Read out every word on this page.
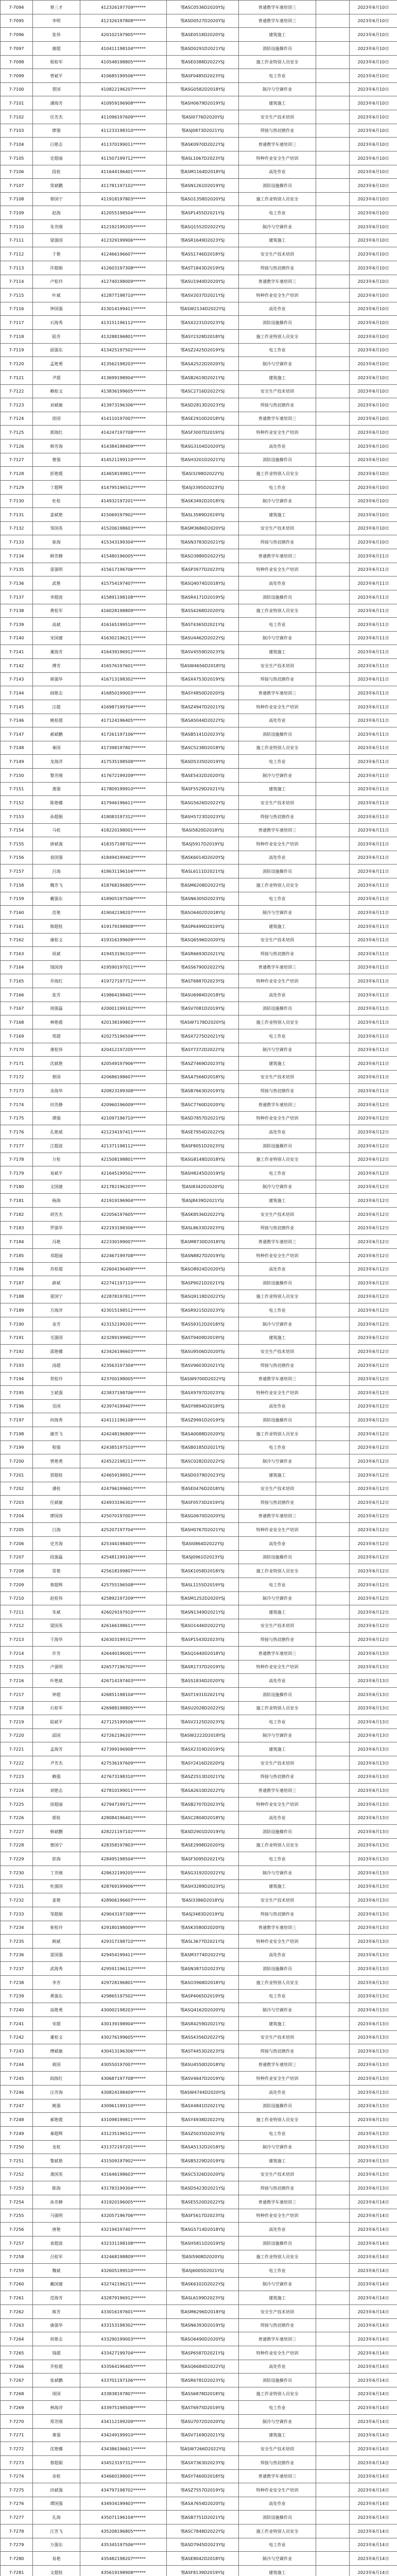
7-7094	蔡三才	412326197709******	鄂ASC0536D2020YSJ	普通教学车速培训三		2023年6月10日
7-7095	李明	412326197808******	鄂ASD0527D2020YSJ	普通教学车速培训三		2023年6月10日
7-7096	张伟	420102197905******	鄂ASE0518D2020YSJ	建筑施工		2023年6月10日
7-7097	谢超	410411198104******	鄂ASD0291D2021YSJ	消防设施操作员		2023年6月10日
7-7098	程桂军	410548198805******	鄂ASE0388D2022YSJ	施工作业特别人员安全		2023年6月10日
7-7099	曾斌平	410685199506******	鄂ASF0485D2023YSJ	电工作业		2023年6月10日
7-7100	贾国	410822196207******	鄂ASG0582D2018YSJ	制冷与空调作业		2023年6月10日
7-7101	潘海芳	410959196908******	鄂ASH0679D2019YSJ	建筑施工		2023年6月10日
7-7102	任芳杰	411096197609******	鄂ASI0776D2020YSJ	安全生产技术培训		2023年6月10日
7-7103	廖强	411233198310******	鄂ASJ0873D2021YSJ	焊接与热切割作业		2023年6月10日
7-7104	白艳志	411370199011******	鄂ASK0970D2022YSJ	普通教学车速培训三		2023年6月10日
7-7105	史超丽	411507199712******	鄂ASL1067D2023YSJ	特种作业安全生产培训		2023年6月10日
7-7106	段桂	411644196401******	鄂ASM1164D2018YSJ	高处作业		2023年6月10日
7-7107	常斌鹏	411781197102******	鄂ASN1261D2019YSJ	消防设施操作员		2023年6月10日
7-7108	蔡国宁	411918197803******	鄂ASO1358D2020YSJ	施工作业特别人员安全		2023年6月10日
7-7109	赵海	412055198504******	鄂ASP1455D2021YSJ	电工作业		2023年6月10日
7-7110	朱芳刚	412192199205******	鄂ASQ1552D2022YSJ	制冷与空调作业		2023年6月10日
7-7111	梁强国	412329199906******	鄂ASR1649D2023YSJ	建筑施工		2023年6月10日
7-7112	于艳	412466196607******	鄂ASS1746D2018YSJ	安全生产技术培训		2023年6月10日
7-7113	许超娟	412603197308******	鄂AST1843D2019YSJ	焊接与热切割作业		2023年6月10日
7-7114	卢桂玲	412740198009******	鄂ASU1940D2020YSJ	普通教学车速培训三		2023年6月10日
7-7115	叶斌	412877198710******	鄂ASV2037D2021YSJ	特种作业安全生产培训		2023年6月10日
7-7116	钟国强	413014199411******	鄂ASW2134D2022YSJ	高处作业		2023年6月10日
7-7117	石海秀	413151196112******	鄂ASX2231D2023YSJ	消防设施操作员		2023年6月10日
7-7118	陆芳	413288196801******	鄂ASY2328D2018YSJ	施工作业特别人员安全		2023年6月10日
7-7119	邱强东	413425197502******	鄂ASZ2425D2019YSJ	电工作业		2023年6月10日
7-7120	孟艳勇	413562198203******	鄂ASA2522D2020YSJ	制冷与空调作业		2023年6月10日
7-7121	尹超	413699198904******	鄂ASB2619D2021YSJ	建筑施工		2023年6月10日
7-7122	赖桂文	413836199605******	鄂ASC2716D2022YSJ	安全生产技术培训		2023年6月10日
7-7123	刘斌敏	413973196306******	鄂ASD2813D2023YSJ	焊接与热切割作业		2023年6月10日
7-7124	徐国	414110197007******	鄂ASE2910D2018YSJ	普通教学车速培训三		2023年6月10日
7-7125	郭海红	414247197708******	鄂ASF3007D2019YSJ	特种作业安全生产培训		2023年6月10日
7-7126	韩芳海	414384198409******	鄂ASG3104D2020YSJ	高处作业		2023年6月10日
7-7127	曹强	414521199110******	鄂ASH3201D2021YSJ	消防设施操作员		2023年6月10日
7-7128	彭艳霞	414658199811******	鄂ASI3298D2022YSJ	施工作业特别人员安全		2023年6月10日
7-7129	丁超辉	414795196512******	鄂ASJ3395D2023YSJ	电工作业		2023年6月10日
7-7130	杜桂	414932197201******	鄂ASK3492D2018YSJ	制冷与空调作业		2023年6月10日
7-7131	姜斌艳	415069197902******	鄂ASL3589D2019YSJ	建筑施工		2023年6月10日
7-7132	邹国英	415206198603******	鄂ASM3686D2020YSJ	安全生产技术培训		2023年6月10日
7-7133	崔海	415343199304******	鄂ASN3783D2021YSJ	焊接与热切割作业		2023年6月10日
7-7134	顾芳静	415480196005******	鄂ASO3880D2022YSJ	普通教学车速培训三		2023年6月11日
7-7135	雷强明	415617196706******	鄂ASP3977D2023YSJ	特种作业安全生产培训		2023年6月11日
7-7136	武艳	415754197407******	鄂ASQ4074D2018YSJ	高处作业		2023年6月11日
7-7137	李超波	415891198108******	鄂ASR4171D2019YSJ	消防设施操作员		2023年6月11日
7-7138	黄桂军	416028198809******	鄂ASS4268D2020YSJ	施工作业特别人员安全		2023年6月11日
7-7139	高斌	416165199510******	鄂AST4365D2021YSJ	电工作业		2023年6月11日
7-7140	宋国建	416302196211******	鄂ASU4462D2022YSJ	制冷与空调作业		2023年6月11日
7-7141	董海芳	416439196912******	鄂ASV4559D2023YSJ	建筑施工		2023年6月11日
7-7142	傅芳	416576197601******	鄂ASW4656D2018YSJ	安全生产技术培训		2023年6月11日
7-7143	蒋强华	416713198302******	鄂ASX4753D2019YSJ	焊接与热切割作业		2023年6月11日
7-7144	阎艳志	416850199003******	鄂ASY4850D2020YSJ	普通教学车速培训三		2023年6月11日
7-7145	汪超	416987199704******	鄂ASZ4947D2021YSJ	特种作业安全生产培训		2023年6月11日
7-7146	姚桂超	417124196405******	鄂ASA5044D2022YSJ	高处作业		2023年6月11日
7-7147	郝斌鹏	417261197106******	鄂ASB5141D2023YSJ	消防设施操作员		2023年6月11日
7-7148	秦国	417398197807******	鄂ASC5238D2018YSJ	施工作业特别人员安全		2023年6月11日
7-7149	龙海洋	417535198508******	鄂ASD5335D2019YSJ	电工作业		2023年6月11日
7-7150	黎芳刚	417672199209******	鄂ASE5432D2020YSJ	制冷与空调作业		2023年6月11日
7-7151	龚强	417809199910******	鄂ASF5529D2021YSJ	建筑施工		2023年6月11日
7-7152	陈艳娜	417946196611******	鄂ASG5626D2022YSJ	安全生产技术培训		2023年6月11日
7-7153	孙超娟	418083197312******	鄂ASH5723D2023YSJ	焊接与热切割作业		2023年6月11日
7-7154	马桂	418220198001******	鄂ASI5820D2018YSJ	普通教学车速培训三		2023年6月11日
7-7155	唐斌强	418357198702******	鄂ASJ5917D2019YSJ	特种作业安全生产培训		2023年6月11日
7-7156	袁国强	418494199403******	鄂ASK6014D2020YSJ	高处作业		2023年6月11日
7-7157	吕海	418631196104******	鄂ASL6111D2021YSJ	消防设施操作员		2023年6月11日
7-7158	魏芳飞	418768196805******	鄂ASM6208D2022YSJ	施工作业特别人员安全		2023年6月11日
7-7159	戴强东	418905197506******	鄂ASN6305D2023YSJ	电工作业		2023年6月11日
7-7160	范艳	419042198207******	鄂ASO6402D2018YSJ	制冷与空调作业		2023年6月11日
7-7161	熊超桂	419179198908******	鄂ASP6499D2019YSJ	建筑施工		2023年6月11日
7-7162	康桂文	419316199609******	鄂ASQ6596D2020YSJ	安全生产技术培训		2023年6月11日
7-7163	侯斌	419453196310******	鄂ASR6693D2021YSJ	焊接与热切割作业		2023年6月11日
7-7164	钱国涛	419590197011******	鄂ASS6790D2022YSJ	普通教学车速培训三		2023年6月11日
7-7165	乔海红	419727197712******	鄂AST6887D2023YSJ	特种作业安全生产培训		2023年6月11日
7-7166	张芳	419864198401******	鄂ASU6984D2018YSJ	高处作业		2023年6月11日
7-7167	周强磊	420001199102******	鄂ASV7081D2019YSJ	消防设施操作员		2023年6月11日
7-7168	林艳霞	420138199803******	鄂ASW7178D2020YSJ	施工作业特别人员安全		2023年6月11日
7-7169	郑超	420275196504******	鄂ASX7275D2021YSJ	电工作业		2023年6月11日
7-7170	萧桂伟	420412197205******	鄂ASY7372D2022YSJ	制冷与空调作业		2023年6月11日
7-7171	沈斌艳	420549197906******	鄂ASZ7469D2023YSJ	建筑施工		2023年6月11日
7-7172	蔡国	420686198607******	鄂ASA7566D2018YSJ	安全生产技术培训		2023年6月11日
7-7173	余海华	420823199308******	鄂ASB7663D2019YSJ	焊接与热切割作业		2023年6月11日
7-7174	田芳静	420960196009******	鄂ASC7760D2020YSJ	普通教学车速培训三		2023年6月12日
7-7175	谭强	421097196710******	鄂ASD7857D2021YSJ	特种作业安全生产培训		2023年6月12日
7-7176	孔艳斌	421234197411******	鄂ASE7954D2022YSJ	高处作业		2023年6月12日
7-7177	江超波	421371198112******	鄂ASF8051D2023YSJ	消防设施操作员		2023年6月12日
7-7178	万桂	421508198801******	鄂ASG8148D2018YSJ	施工作业特别人员安全		2023年6月12日
7-7179	易斌平	421645199502******	鄂ASH8245D2019YSJ	电工作业		2023年6月12日
7-7180	文国建	421782196203******	鄂ASI8342D2020YSJ	制冷与空调作业		2023年6月12日
7-7181	杨海	421919196904******	鄂ASJ8439D2021YSJ	建筑施工		2023年6月12日
7-7182	胡芳杰	422056197605******	鄂ASK8536D2022YSJ	安全生产技术培训		2023年6月12日
7-7183	罗强华	422193198306******	鄂ASL8633D2023YSJ	焊接与热切割作业		2023年6月12日
7-7184	冯艳	422330199007******	鄂ASM8730D2018YSJ	普通教学车速培训三		2023年6月12日
7-7185	邓超丽	422467199708******	鄂ASN8827D2019YSJ	特种作业安全生产培训		2023年6月12日
7-7186	苏桂超	422604196409******	鄂ASO8924D2020YSJ	高处作业		2023年6月12日
7-7187	薛斌	422741197110******	鄂ASP9021D2021YSJ	消防设施操作员		2023年6月12日
7-7188	夏国宁	422878197811******	鄂ASQ9118D2022YSJ	施工作业特别人员安全		2023年6月12日
7-7189	方海洋	423015198512******	鄂ASR9215D2023YSJ	电工作业		2023年6月12日
7-7190	金芳	423152199201******	鄂ASS9312D2018YSJ	制冷与空调作业		2023年6月12日
7-7191	毛强国	423289199902******	鄂AST9409D2019YSJ	建筑施工		2023年6月12日
7-7192	邵艳娜	423426196603******	鄂ASU9506D2020YSJ	安全生产技术培训		2023年6月12日
7-7193	汤超	423563197304******	鄂ASV9603D2021YSJ	焊接与热切割作业		2023年6月12日
7-7194	贺桂玲	423700198005******	鄂ASW9700D2022YSJ	普通教学车速培训三		2023年6月12日
7-7195	王斌强	423837198706******	鄂ASX9797D2023YSJ	特种作业安全生产培训		2023年6月12日
7-7196	吴国	423974199407******	鄂ASY9894D2018YSJ	高处作业		2023年6月12日
7-7197	何海秀	424111196108******	鄂ASZ9991D2019YSJ	消防设施操作员		2023年6月12日
7-7198	谢芳飞	424248196809******	鄂ASA0088D2020YSJ	施工作业特别人员安全		2023年6月12日
7-7199	程强	424385197510******	鄂ASB0185D2021YSJ	电工作业		2023年6月12日
7-7200	曾艳勇	424522198211******	鄂ASC0282D2022YSJ	制冷与空调作业		2023年6月12日
7-7201	贾超桂	424659198912******	鄂ASD0379D2023YSJ	建筑施工		2023年6月12日
7-7202	潘桂	424796199601******	鄂ASE0476D2018YSJ	安全生产技术培训		2023年6月12日
7-7203	任斌敏	424933196302******	鄂ASF0573D2019YSJ	焊接与热切割作业		2023年6月12日
7-7204	廖国涛	425070197003******	鄂ASG0670D2020YSJ	普通教学车速培训三		2023年6月12日
7-7205	白海	425207197704******	鄂ASH0767D2021YSJ	特种作业安全生产培训		2023年6月12日
7-7206	史芳海	425344198405******	鄂ASI0864D2022YSJ	高处作业		2023年6月12日
7-7207	段强磊	425481199106******	鄂ASJ0961D2023YSJ	消防设施操作员		2023年6月12日
7-7208	常艳	425618199807******	鄂ASK1058D2018YSJ	施工作业特别人员安全		2023年6月12日
7-7209	蔡超辉	425755196508******	鄂ASL1155D2019YSJ	电工作业		2023年6月12日
7-7210	赵桂伟	425892197209******	鄂ASM1252D2020YSJ	制冷与空调作业		2023年6月12日
7-7211	朱斌	426029197910******	鄂ASN1349D2021YSJ	建筑施工		2023年6月12日
7-7212	梁国英	426166198611******	鄂ASO1446D2022YSJ	安全生产技术培训		2023年6月12日
7-7213	于海华	426303199312******	鄂ASP1543D2023YSJ	焊接与热切割作业		2023年6月12日
7-7214	许芳	426440196001******	鄂ASQ1640D2018YSJ	普通教学车速培训三		2023年6月13日
7-7215	卢强明	426577196702******	鄂ASR1737D2019YSJ	特种作业安全生产培训		2023年6月13日
7-7216	叶艳斌	426714197403******	鄂ASS1834D2020YSJ	高处作业		2023年6月13日
7-7217	钟超	426851198104******	鄂AST1931D2021YSJ	消防设施操作员		2023年6月13日
7-7218	石桂军	426988198805******	鄂ASU2028D2022YSJ	施工作业特别人员安全		2023年6月13日
7-7219	陆斌平	427125199506******	鄂ASV2125D2023YSJ	电工作业		2023年6月13日
7-7220	邱国	427262196207******	鄂ASW2222D2018YSJ	制冷与空调作业		2023年6月13日
7-7221	孟海芳	427399196908******	鄂ASX2319D2019YSJ	建筑施工		2023年6月13日
7-7222	尹芳杰	427536197609******	鄂ASY2416D2020YSJ	安全生产技术培训		2023年6月13日
7-7223	赖强	427673198310******	鄂ASZ2513D2021YSJ	焊接与热切割作业		2023年6月13日
7-7224	刘艳志	427810199011******	鄂ASA2610D2022YSJ	普通教学车速培训三		2023年6月13日
7-7225	徐超丽	427947199712******	鄂ASB2707D2023YSJ	特种作业安全生产培训		2023年6月13日
7-7226	郭桂	428084196401******	鄂ASC2804D2018YSJ	高处作业		2023年6月13日
7-7227	韩斌鹏	428221197102******	鄂ASD2901D2019YSJ	消防设施操作员		2023年6月13日
7-7228	曹国宁	428358197803******	鄂ASE2998D2020YSJ	施工作业特别人员安全		2023年6月13日
7-7229	彭海	428495198504******	鄂ASF3095D2021YSJ	电工作业		2023年6月13日
7-7230	丁芳刚	428632199205******	鄂ASG3192D2022YSJ	制冷与空调作业		2023年6月13日
7-7231	杜强国	428769199906******	鄂ASH3289D2023YSJ	建筑施工		2023年6月13日
7-7232	姜艳	428906196607******	鄂ASI3386D2018YSJ	安全生产技术培训		2023年6月13日
7-7233	邹超娟	429043197308******	鄂ASJ3483D2019YSJ	焊接与热切割作业		2023年6月13日
7-7234	崔桂玲	429180198009******	鄂ASK3580D2020YSJ	普通教学车速培训三		2023年6月13日
7-7235	顾斌	429317198710******	鄂ASL3677D2021YSJ	特种作业安全生产培训		2023年6月13日
7-7236	雷国强	429454199411******	鄂ASM3774D2022YSJ	高处作业		2023年6月13日
7-7237	武海秀	429591196112******	鄂ASN3871D2023YSJ	消防设施操作员		2023年6月13日
7-7238	李芳	429728196801******	鄂ASO3968D2018YSJ	施工作业特别人员安全		2023年6月13日
7-7239	黄强东	429865197502******	鄂ASP4065D2019YSJ	电工作业		2023年6月13日
7-7240	高艳勇	430002198203******	鄂ASQ4162D2020YSJ	制冷与空调作业		2023年6月13日
7-7241	宋超	430139198904******	鄂ASR4259D2021YSJ	建筑施工		2023年6月13日
7-7242	董桂文	430276199605******	鄂ASS4356D2022YSJ	安全生产技术培训		2023年6月13日
7-7243	傅斌敏	430413196306******	鄂AST4453D2023YSJ	焊接与热切割作业		2023年6月13日
7-7244	蒋国	430550197007******	鄂ASU4550D2018YSJ	普通教学车速培训三		2023年6月13日
7-7245	阎海红	430687197708******	鄂ASV4647D2019YSJ	特种作业安全生产培训		2023年6月13日
7-7246	汪芳海	430824198409******	鄂ASW4744D2020YSJ	高处作业		2023年6月13日
7-7247	姚强	430961199110******	鄂ASX4841D2021YSJ	消防设施操作员		2023年6月13日
7-7248	郝艳霞	431098199811******	鄂ASY4938D2022YSJ	施工作业特别人员安全		2023年6月13日
7-7249	秦超辉	431235196512******	鄂ASZ5035D2023YSJ	电工作业		2023年6月13日
7-7250	龙桂	431372197201******	鄂ASA5132D2018YSJ	制冷与空调作业		2023年6月13日
7-7251	黎斌艳	431509197902******	鄂ASB5229D2019YSJ	建筑施工		2023年6月13日
7-7252	龚国英	431646198603******	鄂ASC5326D2020YSJ	安全生产技术培训		2023年6月13日
7-7253	陈海	431783199304******	鄂ASD5423D2021YSJ	焊接与热切割作业		2023年6月13日
7-7254	孙芳静	431920196005******	鄂ASE5520D2022YSJ	普通教学车速培训三		2023年6月14日
7-7255	马强明	432057196706******	鄂ASF5617D2023YSJ	特种作业安全生产培训		2023年6月14日
7-7256	唐艳	432194197407******	鄂ASG5714D2018YSJ	高处作业		2023年6月14日
7-7257	袁超波	432331198108******	鄂ASH5811D2019YSJ	消防设施操作员		2023年6月14日
7-7258	吕桂军	432468198809******	鄂ASI5908D2020YSJ	施工作业特别人员安全		2023年6月14日
7-7259	魏斌	432605199510******	鄂ASJ6005D2021YSJ	电工作业		2023年6月14日
7-7260	戴国建	432742196211******	鄂ASK6102D2022YSJ	制冷与空调作业		2023年6月14日
7-7261	范海芳	432879196912******	鄂ASL6199D2023YSJ	建筑施工		2023年6月14日
7-7262	熊芳	433016197601******	鄂ASM6296D2018YSJ	安全生产技术培训		2023年6月14日
7-7263	康强华	433153198302******	鄂ASN6393D2019YSJ	焊接与热切割作业		2023年6月14日
7-7264	侯艳志	433290199003******	鄂ASO6490D2020YSJ	普通教学车速培训三		2023年6月14日
7-7265	钱超	433427199704******	鄂ASP6587D2021YSJ	特种作业安全生产培训		2023年6月14日
7-7266	乔桂超	433564196405******	鄂ASQ6684D2022YSJ	高处作业		2023年6月14日
7-7267	张斌鹏	433701197106******	鄂ASR6781D2023YSJ	消防设施操作员		2023年6月14日
7-7268	周国	433838197807******	鄂ASS6878D2018YSJ	施工作业特别人员安全		2023年6月14日
7-7269	林海洋	433975198508******	鄂AST6975D2019YSJ	电工作业		2023年6月14日
7-7270	郑芳刚	434112199209******	鄂ASU7072D2020YSJ	制冷与空调作业		2023年6月14日
7-7271	萧强	434249199910******	鄂ASV7169D2021YSJ	建筑施工		2023年6月14日
7-7272	沈艳娜	434386196611******	鄂ASW7266D2022YSJ	安全生产技术培训		2023年6月14日
7-7273	蔡超娟	434523197312******	鄂ASX7363D2023YSJ	焊接与热切割作业		2023年6月14日
7-7274	余桂	434660198001******	鄂ASY7460D2018YSJ	普通教学车速培训三		2023年6月14日
7-7275	田斌强	434797198702******	鄂ASZ7557D2019YSJ	特种作业安全生产培训		2023年6月14日
7-7276	谭国强	434934199403******	鄂ASA7654D2020YSJ	高处作业		2023年6月14日
7-7277	孔海	435071196104******	鄂ASB7751D2021YSJ	消防设施操作员		2023年6月14日
7-7278	江芳飞	435208196805******	鄂ASC7848D2022YSJ	施工作业特别人员安全		2023年6月14日
7-7279	万强东	435345197506******	鄂ASD7945D2023YSJ	电工作业		2023年6月14日
7-7280	易艳	435482198207******	鄂ASE8042D2018YSJ	制冷与空调作业		2023年6月14日
7-7281	文超桂	435619198908******	鄂ASF8139D2019YSJ	建筑施工		2023年6月14日
